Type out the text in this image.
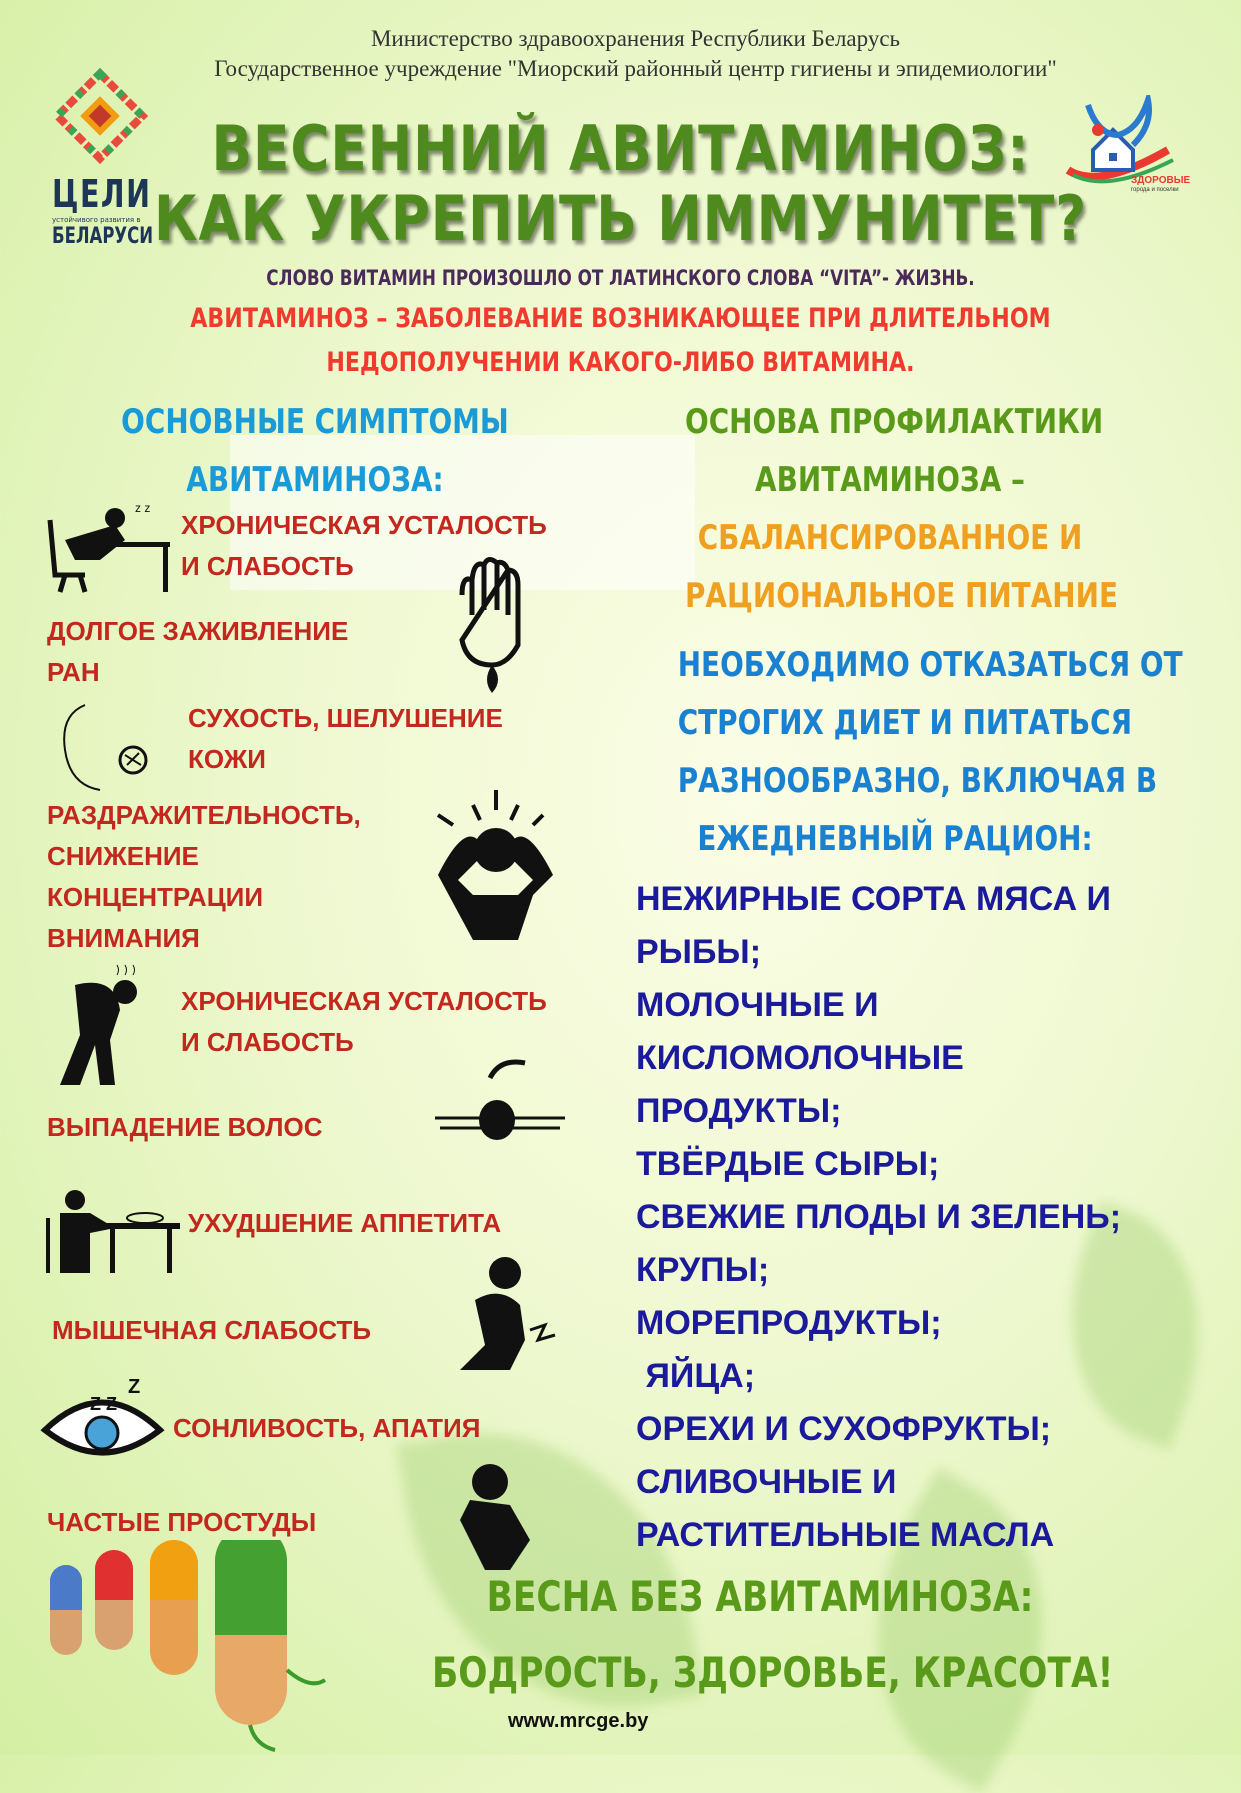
Министерство здравоохранения Республики Беларусь
Государственное учреждение "Миорский районный центр гигиены и эпидемиологии"
ЦЕЛИ
устойчивого развития в
БЕЛАРУСИ
ЗДОРОВЫЕ
города и поселки
ВЕСЕННИЙ АВИТАМИНОЗ:
КАК УКРЕПИТЬ ИММУНИТЕТ?
СЛОВО ВИТАМИН ПРОИЗОШЛО ОТ ЛАТИНСКОГО СЛОВА “VITA”- ЖИЗНЬ.
АВИТАМИНОЗ – ЗАБОЛЕВАНИЕ ВОЗНИКАЮЩЕЕ ПРИ ДЛИТЕЛЬНОМ
НЕДОПОЛУЧЕНИИ КАКОГО-ЛИБО ВИТАМИНА.
ОСНОВНЫЕ СИМПТОМЫ
АВИТАМИНОЗА:
ОСНОВА ПРОФИЛАКТИКИ
АВИТАМИНОЗА –
СБАЛАНСИРОВАННОЕ И
РАЦИОНАЛЬНОЕ ПИТАНИЕ
НЕОБХОДИМО ОТКАЗАТЬСЯ ОТ
СТРОГИХ ДИЕТ И ПИТАТЬСЯ
РАЗНООБРАЗНО, ВКЛЮЧАЯ В
ЕЖЕДНЕВНЫЙ РАЦИОН:
НЕЖИРНЫЕ СОРТА МЯСА И
РЫБЫ;
МОЛОЧНЫЕ И
КИСЛОМОЛОЧНЫЕ
ПРОДУКТЫ;
ТВЁРДЫЕ СЫРЫ;
СВЕЖИЕ ПЛОДЫ И ЗЕЛЕНЬ;
КРУПЫ;
МОРЕПРОДУКТЫ;
ЯЙЦА;
ОРЕХИ И СУХОФРУКТЫ;
СЛИВОЧНЫЕ И
РАСТИТЕЛЬНЫЕ МАСЛА
ХРОНИЧЕСКАЯ УСТАЛОСТЬ
И СЛАБОСТЬ
ДОЛГОЕ ЗАЖИВЛЕНИЕ
РАН
СУХОСТЬ, ШЕЛУШЕНИЕ
КОЖИ
РАЗДРАЖИТЕЛЬНОСТЬ,
СНИЖЕНИЕ
КОНЦЕНТРАЦИИ
ВНИМАНИЯ
ХРОНИЧЕСКАЯ УСТАЛОСТЬ
И СЛАБОСТЬ
ВЫПАДЕНИЕ ВОЛОС
УХУДШЕНИЕ АППЕТИТА
МЫШЕЧНАЯ СЛАБОСТЬ
СОНЛИВОСТЬ, АПАТИЯ
ЧАСТЫЕ ПРОСТУДЫ
z z
Z Z
Z
ВЕСНА БЕЗ АВИТАМИНОЗА:
БОДРОСТЬ, ЗДОРОВЬЕ, КРАСОТА!
www.mrcge.by
